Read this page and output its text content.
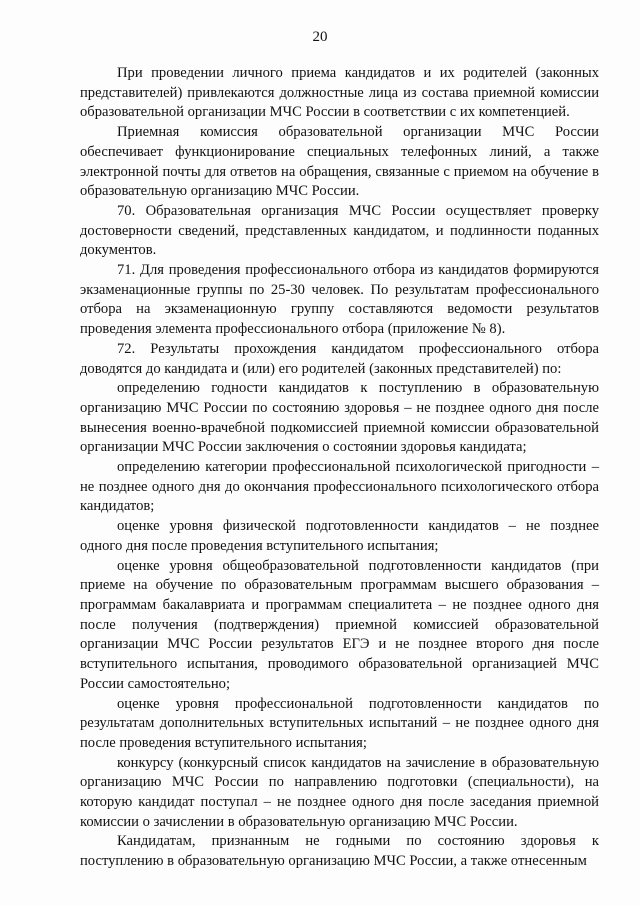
20

При проведении личного приема кандидатов и их родителей (законных представителей) привлекаются должностные лица из состава приемной комиссии образовательной организации МЧС России в соответствии с их компетенцией.

Приемная комиссия образовательной организации МЧС России обеспечивает функционирование специальных телефонных линий, а также электронной почты для ответов на обращения, связанные с приемом на обучение в образовательную организацию МЧС России.

70. Образовательная организация МЧС России осуществляет проверку достоверности сведений, представленных кандидатом, и подлинности поданных документов.

71. Для проведения профессионального отбора из кандидатов формируются экзаменационные группы по 25-30 человек. По результатам профессионального отбора на экзаменационную группу составляются ведомости результатов проведения элемента профессионального отбора (приложение № 8).

72. Результаты прохождения кандидатом профессионального отбора доводятся до кандидата и (или) его родителей (законных представителей) по:

определению годности кандидатов к поступлению в образовательную организацию МЧС России по состоянию здоровья – не позднее одного дня после вынесения военно-врачебной подкомиссией приемной комиссии образовательной организации МЧС России заключения о состоянии здоровья кандидата;

определению категории профессиональной психологической пригодности – не позднее одного дня до окончания профессионального психологического отбора кандидатов;

оценке уровня физической подготовленности кандидатов – не позднее одного дня после проведения вступительного испытания;

оценке уровня общеобразовательной подготовленности кандидатов (при приеме на обучение по образовательным программам высшего образования – программам бакалавриата и программам специалитета – не позднее одного дня после получения (подтверждения) приемной комиссией образовательной организации МЧС России результатов ЕГЭ и не позднее второго дня после вступительного испытания, проводимого образовательной организацией МЧС России самостоятельно;

оценке уровня профессиональной подготовленности кандидатов по результатам дополнительных вступительных испытаний – не позднее одного дня после проведения вступительного испытания;

конкурсу (конкурсный список кандидатов на зачисление в образовательную организацию МЧС России по направлению подготовки (специальности), на которую кандидат поступал – не позднее одного дня после заседания приемной комиссии о зачислении в образовательную организацию МЧС России.

Кандидатам, признанным не годными по состоянию здоровья к поступлению в образовательную организацию МЧС России, а также отнесенным
